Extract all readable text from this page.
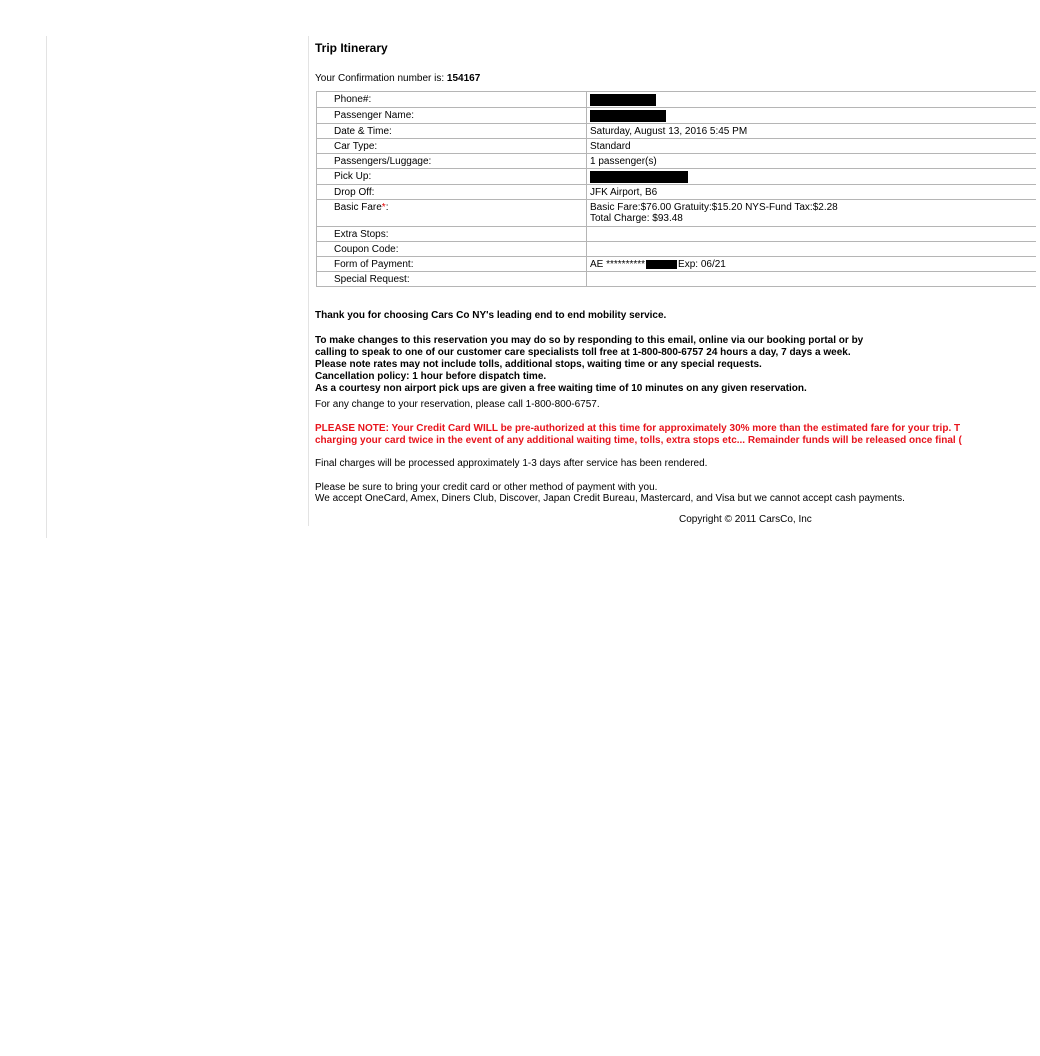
Trip Itinerary
Your Confirmation number is: 154167
Phone#:	
Passenger Name:	
Date & Time:	Saturday, August 13, 2016 5:45 PM
Car Type:	Standard
Passengers/Luggage:	1 passenger(s)
Pick Up:	
Drop Off:	JFK Airport, B6
Basic Fare*:	Basic Fare:$76.00 Gratuity:$15.20 NYS-Fund Tax:$2.28
Total Charge: $93.48

Extra Stops:	
Coupon Code:	
Form of Payment:	AE ********** Exp: 06/21
Special Request:	
Thank you for choosing Cars Co NY's leading end to end mobility service.
To make changes to this reservation you may do so by responding to this email, online via our booking portal or by
calling to speak to one of our customer care specialists toll free at 1-800-800-6757 24 hours a day, 7 days a week.
Please note rates may not include tolls, additional stops, waiting time or any special requests.
Cancellation policy: 1 hour before dispatch time.
As a courtesy non airport pick ups are given a free waiting time of 10 minutes on any given reservation.
For any change to your reservation, please call 1-800-800-6757.
PLEASE NOTE: Your Credit Card WILL be pre-authorized at this time for approximately 30% more than the estimated fare for your trip. T
charging your card twice in the event of any additional waiting time, tolls, extra stops etc... Remainder funds will be released once final (
Final charges will be processed approximately 1-3 days after service has been rendered.
Please be sure to bring your credit card or other method of payment with you.
We accept OneCard, Amex, Diners Club, Discover, Japan Credit Bureau, Mastercard, and Visa but we cannot accept cash payments.
Copyright © 2011 CarsCo, Inc
